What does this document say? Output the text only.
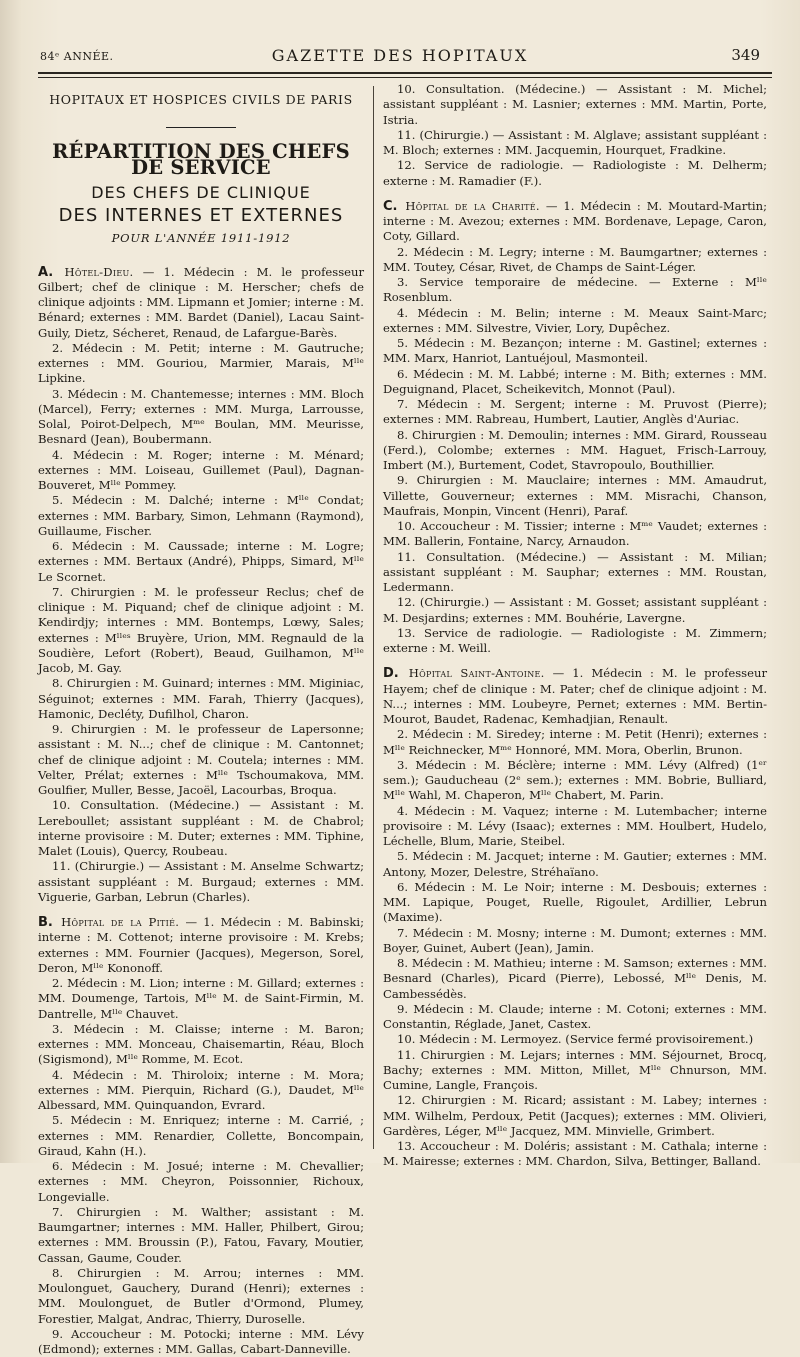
84ᵉ ANNÉE.	GAZETTE DES HOPITAUX	349
HOPITAUX ET HOSPICES CIVILS DE PARIS
RÉPARTITION DES CHEFS DE SERVICE
DES CHEFS DE CLINIQUE
DES INTERNES ET EXTERNES
POUR L'ANNÉE 1911-1912

A. Hôtel-Dieu. — 1. Médecin : M. le professeur Gilbert; chef de clinique : M. Herscher; chefs de clinique adjoints : MM. Lipmann et Jomier; interne : M. Bénard; externes : MM. Bardet (Daniel), Lacau Saint-Guily, Dietz, Sécheret, Renaud, de Lafargue-Barès.

2. Médecin : M. Petit; interne : M. Gautruche; externes : MM. Gouriou, Marmier, Marais, Mˡˡᵉ Lipkine.

3. Médecin : M. Chantemesse; internes : MM. Bloch (Marcel), Ferry; externes : MM. Murga, Larrousse, Solal, Poirot-Delpech, Mᵐᵉ Boulan, MM. Meurisse, Besnard (Jean), Boubermann.

4. Médecin : M. Roger; interne : M. Ménard; externes : MM. Loiseau, Guillemet (Paul), Dagnan-Bouveret, Mˡˡᵉ Pommey.

5. Médecin : M. Dalché; interne : Mˡˡᵉ Condat; externes : MM. Barbary, Simon, Lehmann (Raymond), Guillaume, Fischer.

6. Médecin : M. Caussade; interne : M. Logre; externes : MM. Bertaux (André), Phipps, Simard, Mˡˡᵉ Le Scornet.

7. Chirurgien : M. le professeur Reclus; chef de clinique : M. Piquand; chef de clinique adjoint : M. Kendirdjy; internes : MM. Bontemps, Lœwy, Sales; externes : Mˡˡᵉˢ Bruyère, Urion, MM. Regnauld de la Soudière, Lefort (Robert), Beaud, Guilhamon, Mˡˡᵉ Jacob, M. Gay.

8. Chirurgien : M. Guinard; internes : MM. Miginiac, Séguinot; externes : MM. Farah, Thierry (Jacques), Hamonic, Decléty, Dufilhol, Charon.

9. Chirurgien : M. le professeur de Lapersonne; assistant : M. N...; chef de clinique : M. Cantonnet; chef de clinique adjoint : M. Coutela; internes : MM. Velter, Prélat; externes : Mˡˡᵉ Tschoumakova, MM. Goulfier, Muller, Besse, Jacoël, Lacourbas, Broqua.

10. Consultation. (Médecine.) — Assistant : M. Lereboullet; assistant suppléant : M. de Chabrol; interne provisoire : M. Duter; externes : MM. Tiphine, Malet (Louis), Quercy, Roubeau.

11. (Chirurgie.) — Assistant : M. Anselme Schwartz; assistant suppléant : M. Burgaud; externes : MM. Viguerie, Garban, Lebrun (Charles).

B. Hôpital de la Pitié. — 1. Médecin : M. Babinski; interne : M. Cottenot; interne provisoire : M. Krebs; externes : MM. Fournier (Jacques), Megerson, Sorel, Deron, Mˡˡᵉ Kononoff.

2. Médecin : M. Lion; interne : M. Gillard; externes : MM. Doumenge, Tartois, Mˡˡᵉ M. de Saint-Firmin, M. Dantrelle, Mˡˡᵉ Chauvet.

3. Médecin : M. Claisse; interne : M. Baron; externes : MM. Monceau, Chaisemartin, Réau, Bloch (Sigismond), Mˡˡᵉ Romme, M. Ecot.

4. Médecin : M. Thiroloix; interne : M. Mora; externes : MM. Pierquin, Richard (G.), Daudet, Mˡˡᵉ Albessard, MM. Quinquandon, Evrard.

5. Médecin : M. Enriquez; interne : M. Carrié, ; externes : MM. Renardier, Collette, Boncompain, Giraud, Kahn (H.).

6. Médecin : M. Josué; interne : M. Chevallier; externes : MM. Cheyron, Poissonnier, Richoux, Longevialle.

7. Chirurgien : M. Walther; assistant : M. Baumgartner; internes : MM. Haller, Philbert, Girou; externes : MM. Broussin (P.), Fatou, Favary, Moutier, Cassan, Gaume, Couder.

8. Chirurgien : M. Arrou; internes : MM. Moulonguet, Gauchery, Durand (Henri); externes : MM. Moulonguet, de Butler d'Ormond, Plumey, Forestier, Malgat, Andrac, Thierry, Duroselle.

9. Accoucheur : M. Potocki; interne : MM. Lévy (Edmond); externes : MM. Gallas, Cabart-Danneville.

10. Consultation. (Médecine.) — Assistant : M. Michel; assistant suppléant : M. Lasnier; externes : MM. Martin, Porte, Istria.

11. (Chirurgie.) — Assistant : M. Alglave; assistant suppléant : M. Bloch; externes : MM. Jacquemin, Hourquet, Fradkine.

12. Service de radiologie. — Radiologiste : M. Delherm; externe : M. Ramadier (F.).

C. Hôpital de la Charité. — 1. Médecin : M. Moutard-Martin; interne : M. Avezou; externes : MM. Bordenave, Lepage, Caron, Coty, Gillard.

2. Médecin : M. Legry; interne : M. Baumgartner; externes : MM. Toutey, César, Rivet, de Champs de Saint-Léger.

3. Service temporaire de médecine. — Externe : Mˡˡᵉ Rosenblum.

4. Médecin : M. Belin; interne : M. Meaux Saint-Marc; externes : MM. Silvestre, Vivier, Lory, Dupêchez.

5. Médecin : M. Bezançon; interne : M. Gastinel; externes : MM. Marx, Hanriot, Lantuéjoul, Masmonteil.

6. Médecin : M. M. Labbé; interne : M. Bith; externes : MM. Deguignand, Placet, Scheikevitch, Monnot (Paul).

7. Médecin : M. Sergent; interne : M. Pruvost (Pierre); externes : MM. Rabreau, Humbert, Lautier, Anglès d'Auriac.

8. Chirurgien : M. Demoulin; internes : MM. Girard, Rousseau (Ferd.), Colombe; externes : MM. Haguet, Frisch-Larrouy, Imbert (M.), Burtement, Codet, Stavropoulo, Bouthillier.

9. Chirurgien : M. Mauclaire; internes : MM. Amaudrut, Villette, Gouverneur; externes : MM. Misrachi, Chanson, Maufrais, Monpin, Vincent (Henri), Paraf.

10. Accoucheur : M. Tissier; interne : Mᵐᵉ Vaudet; externes : MM. Ballerin, Fontaine, Narcy, Arnaudon.

11. Consultation. (Médecine.) — Assistant : M. Milian; assistant suppléant : M. Sauphar; externes : MM. Roustan, Ledermann.

12. (Chirurgie.) — Assistant : M. Gosset; assistant suppléant : M. Desjardins; externes : MM. Bouhérie, Lavergne.

13. Service de radiologie. — Radiologiste : M. Zimmern; externe : M. Weill.

D. Hôpital Saint-Antoine. — 1. Médecin : M. le professeur Hayem; chef de clinique : M. Pater; chef de clinique adjoint : M. N...; internes : MM. Loubeyre, Pernet; externes : MM. Bertin-Mourot, Baudet, Radenac, Kemhadjian, Renault.

2. Médecin : M. Siredey; interne : M. Petit (Henri); externes : Mˡˡᵉ Reichnecker, Mᵐᵉ Honnoré, MM. Mora, Oberlin, Brunon.

3. Médecin : M. Béclère; interne : MM. Lévy (Alfred) (1ᵉʳ sem.); Gauducheau (2ᵉ sem.); externes : MM. Bobrie, Bulliard, Mˡˡᵉ Wahl, M. Chaperon, Mˡˡᵉ Chabert, M. Parin.

4. Médecin : M. Vaquez; interne : M. Lutembacher; interne provisoire : M. Lévy (Isaac); externes : MM. Houlbert, Hudelo, Léchelle, Blum, Marie, Steibel.

5. Médecin : M. Jacquet; interne : M. Gautier; externes : MM. Antony, Mozer, Delestre, Stréhaïano.

6. Médecin : M. Le Noir; interne : M. Desbouis; externes : MM. Lapique, Pouget, Ruelle, Rigoulet, Ardillier, Lebrun (Maxime).

7. Médecin : M. Mosny; interne : M. Dumont; externes : MM. Boyer, Guinet, Aubert (Jean), Jamin.

8. Médecin : M. Mathieu; interne : M. Samson; externes : MM. Besnard (Charles), Picard (Pierre), Lebossé, Mˡˡᵉ Denis, M. Cambessédès.

9. Médecin : M. Claude; interne : M. Cotoni; externes : MM. Constantin, Réglade, Janet, Castex.

10. Médecin : M. Lermoyez. (Service fermé provisoirement.)

11. Chirurgien : M. Lejars; internes : MM. Séjournet, Brocq, Bachy; externes : MM. Mitton, Millet, Mˡˡᵉ Chnurson, MM. Cumine, Langle, François.

12. Chirurgien : M. Ricard; assistant : M. Labey; internes : MM. Wilhelm, Perdoux, Petit (Jacques); externes : MM. Olivieri, Gardères, Léger, Mˡˡᵉ Jacquez, MM. Minvielle, Grimbert.

13. Accoucheur : M. Doléris; assistant : M. Cathala; interne : M. Mairesse; externes : MM. Chardon, Silva, Bettinger, Balland.
